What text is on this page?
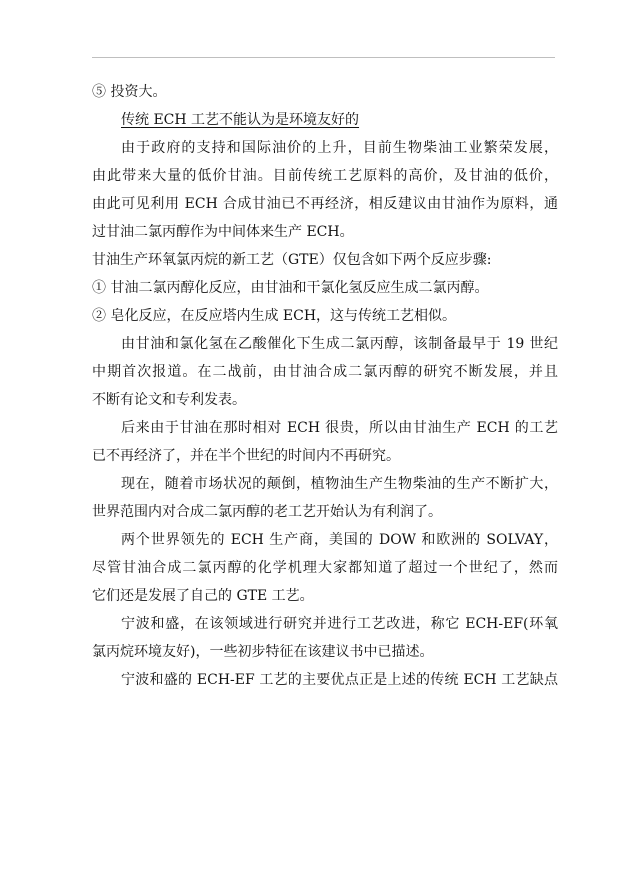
⑤ 投资大。
传统 ECH 工艺不能认为是环境友好的
由于政府的支持和国际油价的上升，目前生物柴油工业繁荣发展，
由此带来大量的低价甘油。目前传统工艺原料的高价，及甘油的低价，
由此可见利用 ECH 合成甘油已不再经济，相反建议由甘油作为原料，通
过甘油二氯丙醇作为中间体来生产 ECH。
甘油生产环氧氯丙烷的新工艺（GTE）仅包含如下两个反应步骤:
① 甘油二氯丙醇化反应，由甘油和干氯化氢反应生成二氯丙醇。
② 皂化反应，在反应塔内生成 ECH，这与传统工艺相似。
由甘油和氯化氢在乙酸催化下生成二氯丙醇，该制备最早于 19 世纪
中期首次报道。在二战前，由甘油合成二氯丙醇的研究不断发展，并且
不断有论文和专利发表。
后来由于甘油在那时相对 ECH 很贵，所以由甘油生产 ECH 的工艺
已不再经济了，并在半个世纪的时间内不再研究。
现在，随着市场状况的颠倒，植物油生产生物柴油的生产不断扩大，
世界范围内对合成二氯丙醇的老工艺开始认为有利润了。
两个世界领先的 ECH 生产商，美国的 DOW 和欧洲的 SOLVAY，
尽管甘油合成二氯丙醇的化学机理大家都知道了超过一个世纪了，然而
它们还是发展了自己的 GTE 工艺。
宁波和盛，在该领域进行研究并进行工艺改进，称它 ECH-EF(环氧
氯丙烷环境友好)，一些初步特征在该建议书中已描述。
宁波和盛的 ECH-EF 工艺的主要优点正是上述的传统 ECH 工艺缺点
